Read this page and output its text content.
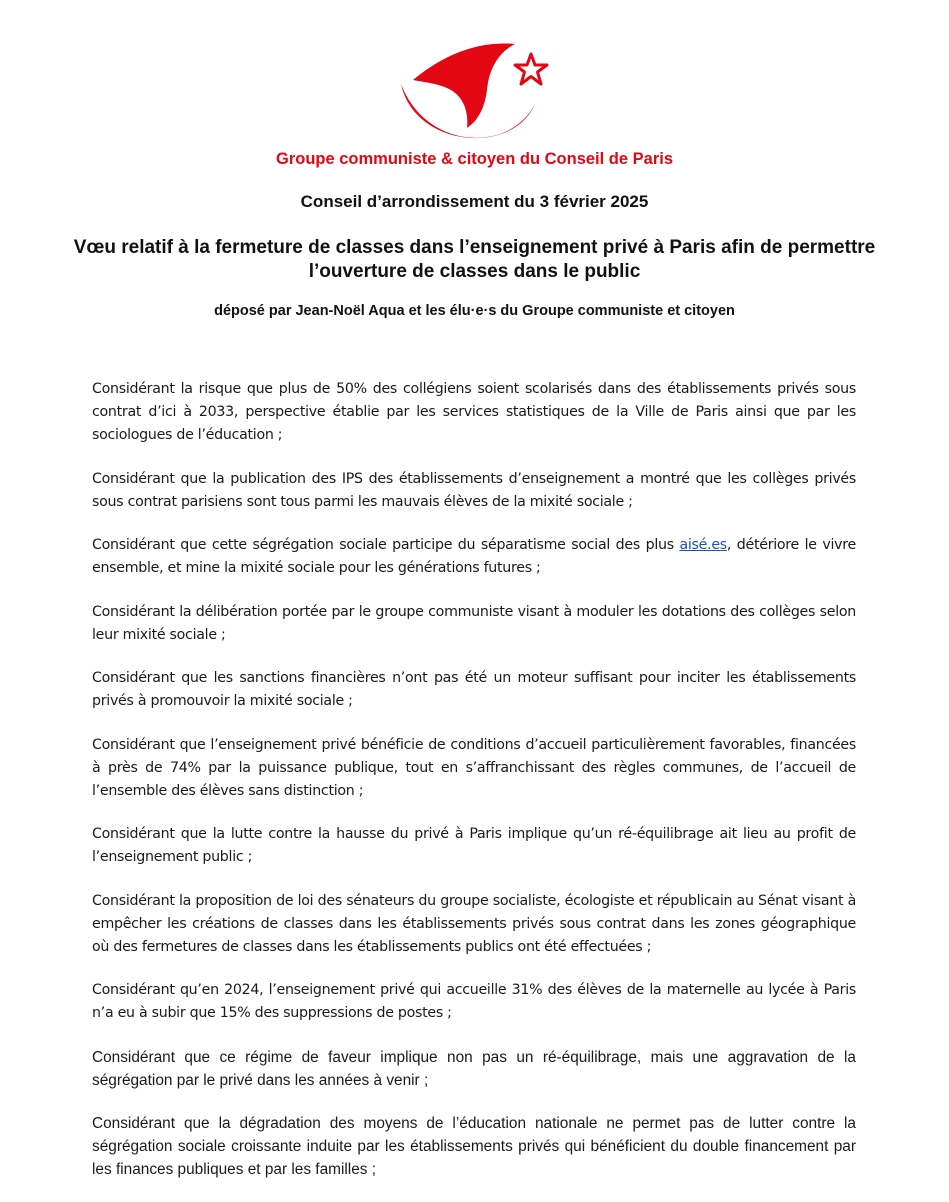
Groupe communiste & citoyen du Conseil de Paris
Conseil d’arrondissement du 3 février 2025
Vœu relatif à la fermeture de classes dans l’enseignement privé à Paris afin de permettre l’ouverture de classes dans le public
déposé par Jean-Noël Aqua et les élu·e·s du Groupe communiste et citoyen

Considérant la risque que plus de 50% des collégiens soient scolarisés dans des établissements privés sous contrat d’ici à 2033, perspective établie par les services statistiques de la Ville de Paris ainsi que par les sociologues de l’éducation ;

Considérant que la publication des IPS des établissements d’enseignement a montré que les collèges privés sous contrat parisiens sont tous parmi les mauvais élèves de la mixité sociale ;

Considérant que cette ségrégation sociale participe du séparatisme social des plus aisé.es, détériore le vivre ensemble, et mine la mixité sociale pour les générations futures ;

Considérant la délibération portée par le groupe communiste visant à moduler les dotations des collèges selon leur mixité sociale ;

Considérant que les sanctions financières n’ont pas été un moteur suffisant pour inciter les établissements privés à promouvoir la mixité sociale ;

Considérant que l’enseignement privé bénéficie de conditions d’accueil particulièrement favorables, financées à près de 74% par la puissance publique, tout en s’affranchissant des règles communes, de l’accueil de l’ensemble des élèves sans distinction ;

Considérant que la lutte contre la hausse du privé à Paris implique qu’un ré-équilibrage ait lieu au profit de l’enseignement public ;

Considérant la proposition de loi des sénateurs du groupe socialiste, écologiste et républicain au Sénat visant à empêcher les créations de classes dans les établissements privés sous contrat dans les zones géographique où des fermetures de classes dans les établissements publics ont été effectuées ;

Considérant qu’en 2024, l’enseignement privé qui accueille 31% des élèves de la maternelle au lycée à Paris n’a eu à subir que 15% des suppressions de postes ;

Considérant que ce régime de faveur implique non pas un ré-équilibrage, mais une aggravation de la ségrégation par le privé dans les années à venir ;

Considérant que la dégradation des moyens de l’éducation nationale ne permet pas de lutter contre la ségrégation sociale croissante induite par les établissements privés qui bénéficient du double financement par les finances publiques et par les familles ;
